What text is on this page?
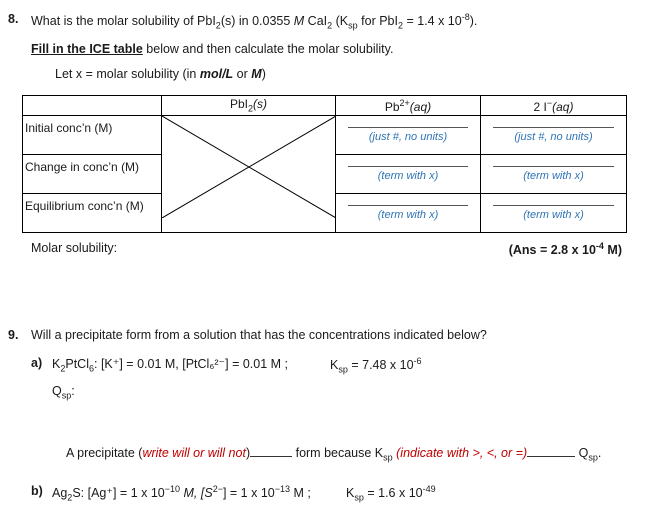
8. What is the molar solubility of PbI$_2$(s) in 0.0355 M CaI$_2$ ($K_{sp}$ for PbI$_2$ = 1.4 x $10^{-8}$).
Fill in the ICE table below and then calculate the molar solubility.
Let x = molar solubility (in mol/L or M)
	PbI$_2$(s)	$Pb^{2+}(aq)$	2 I−(aq)
Initial conc’n (M)		(just #, no units)	(just #, no units)

Change in conc’n (M)		(term with x)	(term with x)

Equilibrium conc’n (M)		(term with x)	(term with x)
Molar solubility:	(Ans = 2.8 x $10^{-4}$ M)
9. Will a precipitate form from a solution that has the concentrations indicated below?
a) $K_2PtCl_6$: [K⁺] = 0.01 M, [PtCl₆²⁻] = 0.01 M ;	$K_{sp} = 7.48$ x $10^{-6}$
$Q_{sp}$:
A precipitate (write will or will not)	form because $K_{sp}$ (indicate with >, <, or =)	$Q_{sp}$.
b) $Ag_2S$: [Ag⁺] = 1 x $10^{-10}$ M, $[S^{2-}] = 1$ x $10^{-13}$ M ;	$K_{sp} = 1.6$ x $10^{-49}$
